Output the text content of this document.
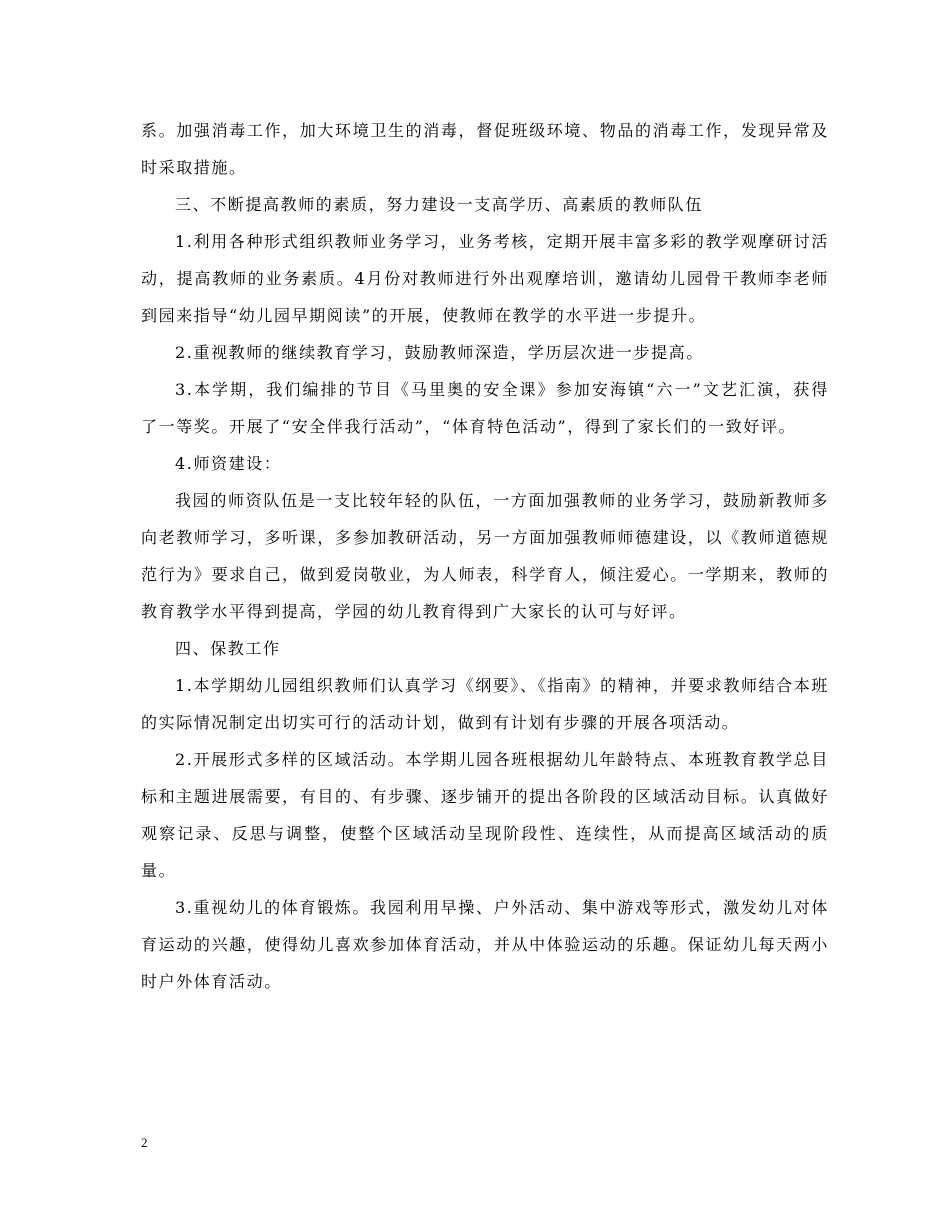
系。加强消毒工作，加大环境卫生的消毒，督促班级环境、物品的消毒工作，发现异常及时采取措施。

三、不断提高教师的素质，努力建设一支高学历、高素质的教师队伍

1.利用各种形式组织教师业务学习，业务考核，定期开展丰富多彩的教学观摩研讨活动，提高教师的业务素质。4月份对教师进行外出观摩培训，邀请幼儿园骨干教师李老师到园来指导“幼儿园早期阅读”的开展，使教师在教学的水平进一步提升。

2.重视教师的继续教育学习，鼓励教师深造，学历层次进一步提高。

3.本学期，我们编排的节目《马里奥的安全课》参加安海镇“六一”文艺汇演，获得了一等奖。开展了“安全伴我行活动”，“体育特色活动”，得到了家长们的一致好评。

4.师资建设：

我园的师资队伍是一支比较年轻的队伍，一方面加强教师的业务学习，鼓励新教师多向老教师学习，多听课，多参加教研活动，另一方面加强教师师德建设，以《教师道德规范行为》要求自己，做到爱岗敬业，为人师表，科学育人，倾注爱心。一学期来，教师的教育教学水平得到提高，学园的幼儿教育得到广大家长的认可与好评。

四、保教工作

1.本学期幼儿园组织教师们认真学习《纲要》、《指南》的精神，并要求教师结合本班的实际情况制定出切实可行的活动计划，做到有计划有步骤的开展各项活动。

2.开展形式多样的区域活动。本学期儿园各班根据幼儿年龄特点、本班教育教学总目标和主题进展需要，有目的、有步骤、逐步铺开的提出各阶段的区域活动目标。认真做好观察记录、反思与调整，使整个区域活动呈现阶段性、连续性，从而提高区域活动的质量。

3.重视幼儿的体育锻炼。我园利用早操、户外活动、集中游戏等形式，激发幼儿对体育运动的兴趣，使得幼儿喜欢参加体育活动，并从中体验运动的乐趣。保证幼儿每天两小时户外体育活动。

2
